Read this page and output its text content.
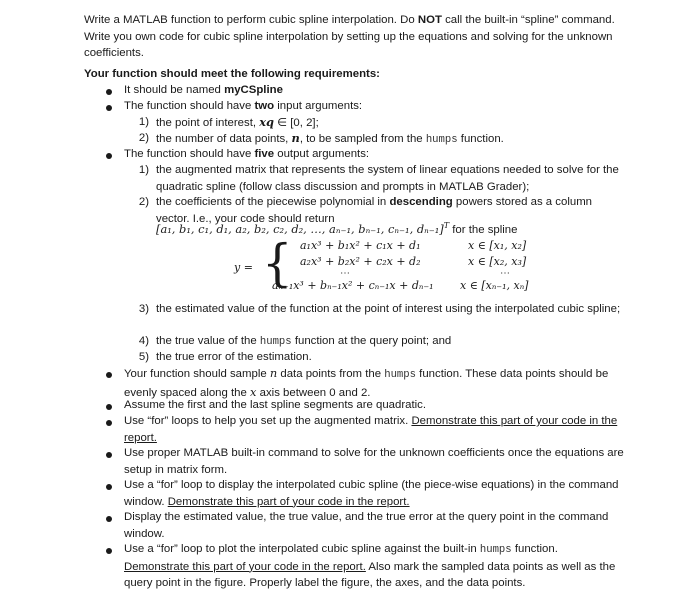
Write a MATLAB function to perform cubic spline interpolation. Do NOT call the built-in “spline” command. Write you own code for cubic spline interpolation by setting up the equations and solving for the unknown coefficients.
Your function should meet the following requirements:
It should be named myCSpline
The function should have two input arguments:
1) the point of interest, xq ∈ [0, 2];
2) the number of data points, n, to be sampled from the humps function.
The function should have five output arguments:
1) the augmented matrix that represents the system of linear equations needed to solve for the quadratic spline (follow class discussion and prompts in MATLAB Grader);
2) the coefficients of the piecewise polynomial in descending powers stored as a column vector. I.e., your code should return
[a₁, b₁, c₁, d₁, a₂, b₂, c₂, d₂, …, aₙ₋₁, bₙ₋₁, cₙ₋₁, dₙ₋₁]$^T$ for the spline
y = { a₁x³ + b₁x² + c₁x + d₁	x ∈ [x₁, x₂]
a₂x³ + b₂x² + c₂x + d₂	x ∈ [x₂, x₃]
⋯	⋯
aₙ₋₁x³ + bₙ₋₁x² + cₙ₋₁x + dₙ₋₁ x ∈ [xₙ₋₁, xₙ]
3) the estimated value of the function at the point of interest using the interpolated cubic spline;
4) the true value of the humps function at the query point; and
5) the true error of the estimation.
Your function should sample n data points from the humps function. These data points should be evenly spaced along the x axis between 0 and 2.
Assume the first and the last spline segments are quadratic.
Use “for” loops to help you set up the augmented matrix. Demonstrate this part of your code in the report.
Use proper MATLAB built-in command to solve for the unknown coefficients once the equations are setup in matrix form.
Use a “for” loop to display the interpolated cubic spline (the piece-wise equations) in the command window. Demonstrate this part of your code in the report.
Display the estimated value, the true value, and the true error at the query point in the command window.
Use a “for” loop to plot the interpolated cubic spline against the built-in humps function. Demonstrate this part of your code in the report. Also mark the sampled data points as well as the query point in the figure. Properly label the figure, the axes, and the data points.
